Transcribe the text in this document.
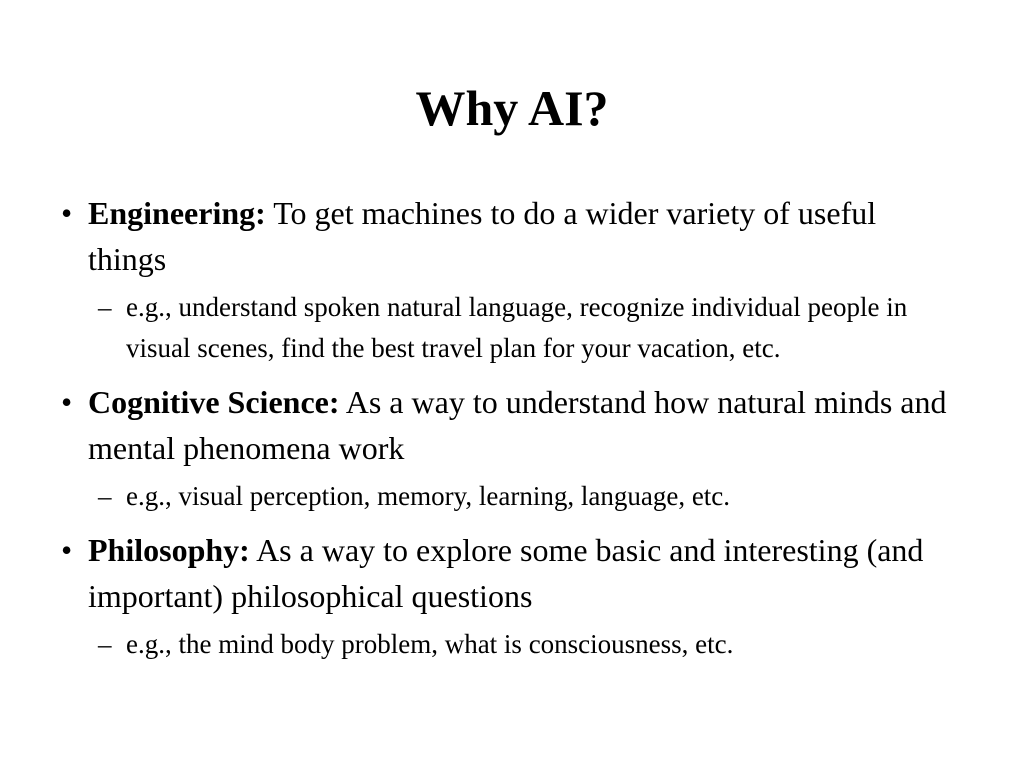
Why AI?
• Engineering: To get machines to do a wider variety of useful things
– e.g., understand spoken natural language, recognize individual people in visual scenes, find the best travel plan for your vacation, etc.
• Cognitive Science: As a way to understand how natural minds and mental phenomena work
– e.g., visual perception, memory, learning, language, etc.
• Philosophy: As a way to explore some basic and interesting (and important) philosophical questions
– e.g., the mind body problem, what is consciousness, etc.
